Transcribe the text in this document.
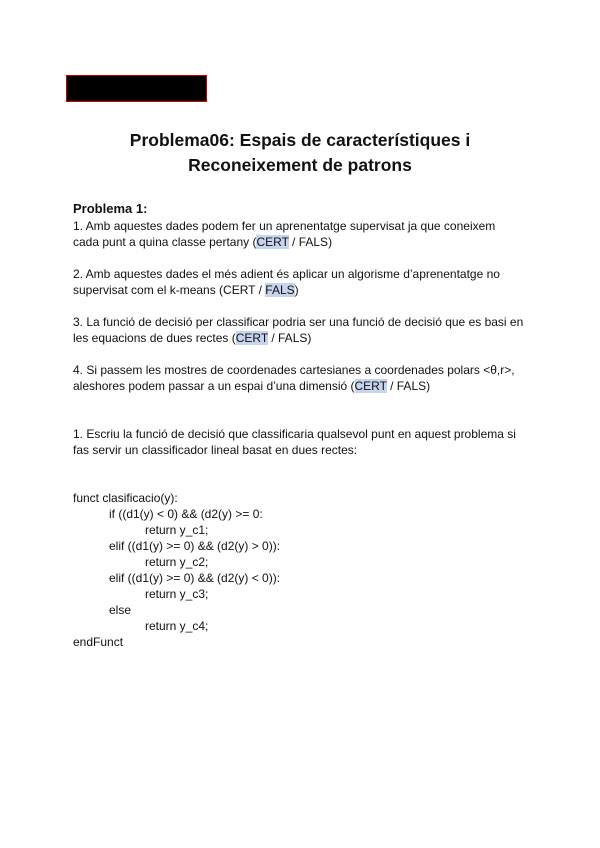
Problema06: Espais de característiques i
Reconeixement de patrons
Problema 1:
1. Amb aquestes dades podem fer un aprenentatge supervisat ja que coneixem
cada punt a quina classe pertany (CERT / FALS)
2. Amb aquestes dades el més adient és aplicar un algorisme d’aprenentatge no
supervisat com el k-means (CERT / FALS)
3. La funció de decisió per classificar podria ser una funció de decisió que es basi en
les equacions de dues rectes (CERT / FALS)
4. Si passem les mostres de coordenades cartesianes a coordenades polars <θ,r>,
aleshores podem passar a un espai d’una dimensió (CERT / FALS)
1. Escriu la funció de decisió que classificaria qualsevol punt en aquest problema si
fas servir un classificador lineal basat en dues rectes:
funct clasificacio(y):
if ((d1(y) < 0) && (d2(y) >= 0:
return y_c1;
elif ((d1(y) >= 0) && (d2(y) > 0)):
return y_c2;
elif ((d1(y) >= 0) && (d2(y) < 0)):
return y_c3;
else
return y_c4;
endFunct
